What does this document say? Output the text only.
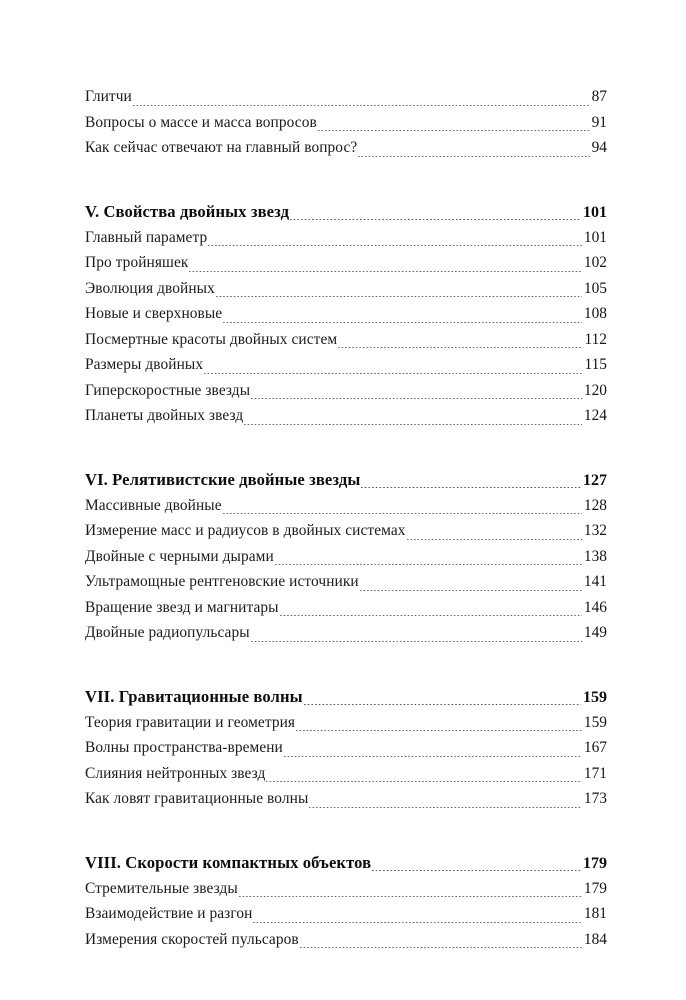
Глитчи	87
Вопросы о массе и масса вопросов	91
Как сейчас отвечают на главный вопрос?	94
V. Свойства двойных звезд	101
Главный параметр	101
Про тройняшек	102
Эволюция двойных	105
Новые и сверхновые	108
Посмертные красоты двойных систем	112
Размеры двойных	115
Гиперскоростные звезды	120
Планеты двойных звезд	124
VI. Релятивистские двойные звезды	127
Массивные двойные	128
Измерение масс и радиусов в двойных системах	132
Двойные с черными дырами	138
Ультрамощные рентгеновские источники	141
Вращение звезд и магнитары	146
Двойные радиопульсары	149
VII. Гравитационные волны	159
Теория гравитации и геометрия	159
Волны пространства-времени	167
Слияния нейтронных звезд	171
Как ловят гравитационные волны	173
VIII. Скорости компактных объектов	179
Стремительные звезды	179
Взаимодействие и разгон	181
Измерения скоростей пульсаров	184
